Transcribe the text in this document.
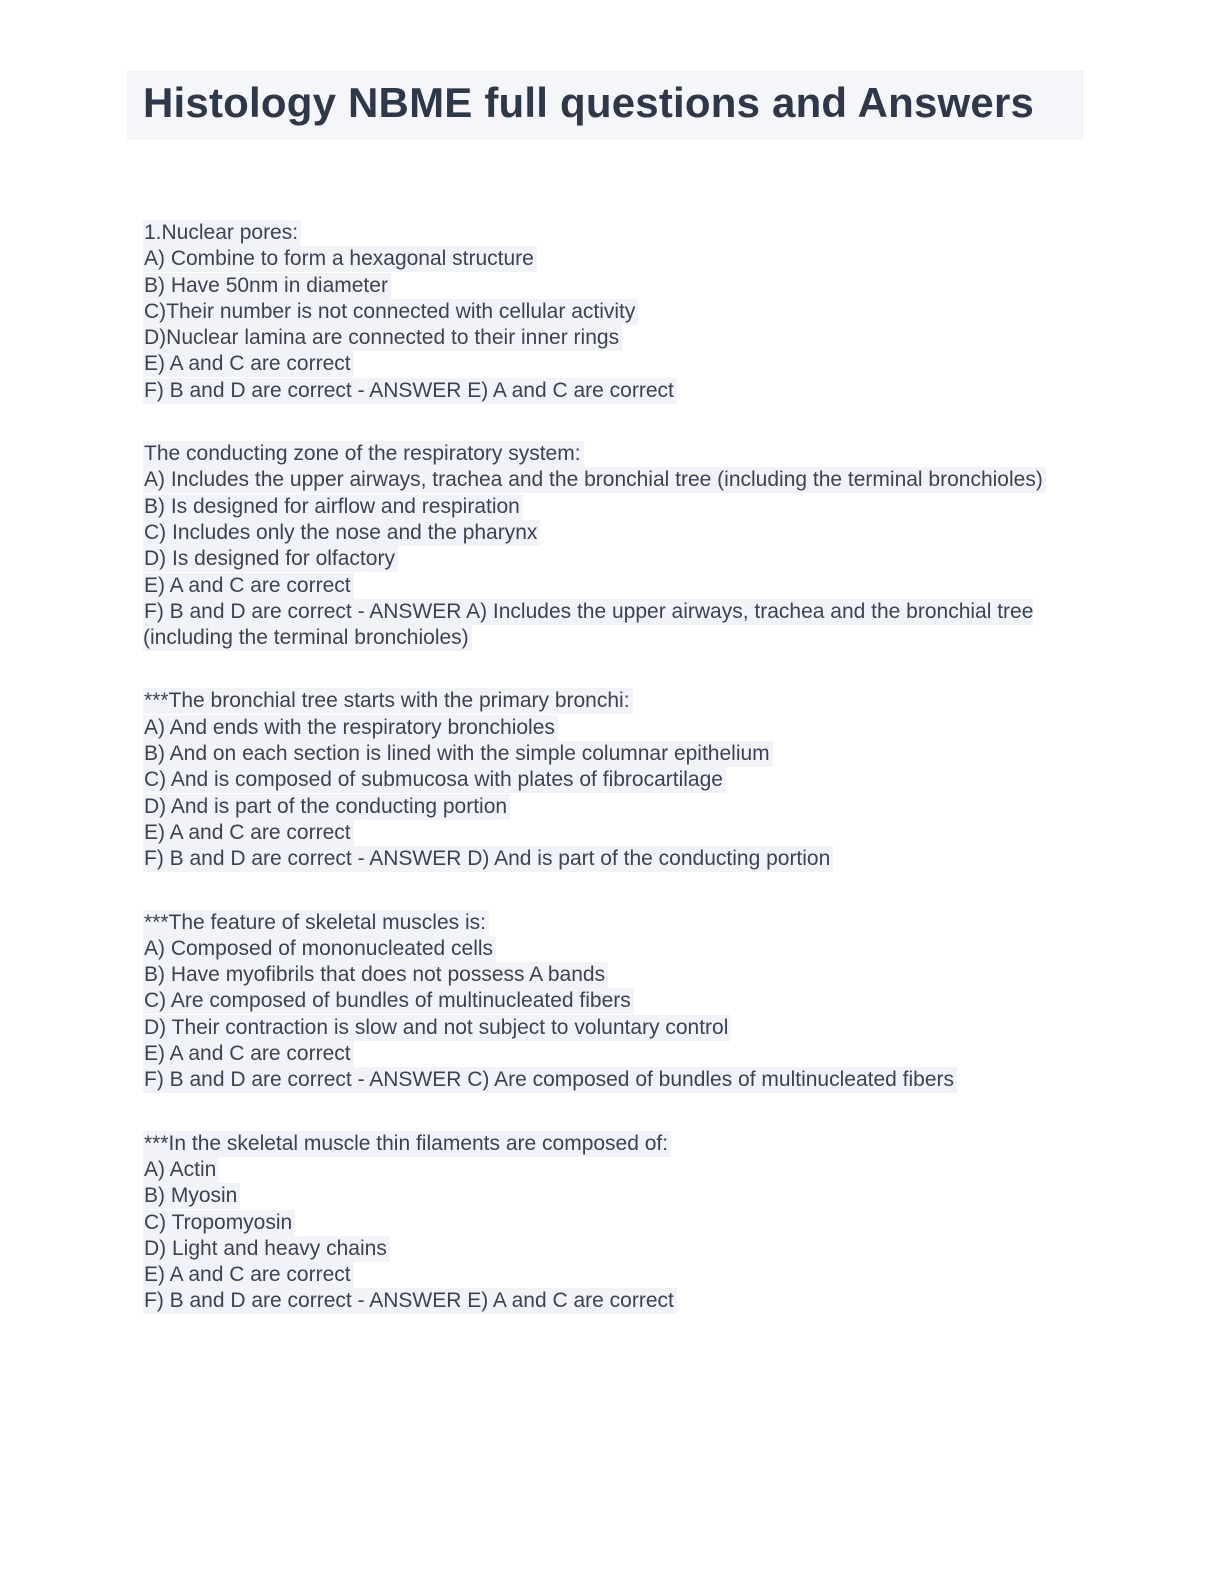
Histology NBME full questions and Answers

1.Nuclear pores:
A) Combine to form a hexagonal structure
B) Have 50nm in diameter
C)Their number is not connected with cellular activity
D)Nuclear lamina are connected to their inner rings
E) A and C are correct
F) B and D are correct - ANSWER E) A and C are correct

The conducting zone of the respiratory system:
A) Includes the upper airways, trachea and the bronchial tree (including the terminal bronchioles)
B) Is designed for airflow and respiration
C) Includes only the nose and the pharynx
D) Is designed for olfactory
E) A and C are correct
F) B and D are correct - ANSWER A) Includes the upper airways, trachea and the bronchial tree (including the terminal bronchioles)

***The bronchial tree starts with the primary bronchi:
A) And ends with the respiratory bronchioles
B) And on each section is lined with the simple columnar epithelium
C) And is composed of submucosa with plates of fibrocartilage
D) And is part of the conducting portion
E) A and C are correct
F) B and D are correct - ANSWER D) And is part of the conducting portion

***The feature of skeletal muscles is:
A) Composed of mononucleated cells
B) Have myofibrils that does not possess A bands
C) Are composed of bundles of multinucleated fibers
D) Their contraction is slow and not subject to voluntary control
E) A and C are correct
F) B and D are correct - ANSWER C) Are composed of bundles of multinucleated fibers

***In the skeletal muscle thin filaments are composed of:
A) Actin
B) Myosin
C) Tropomyosin
D) Light and heavy chains
E) A and C are correct
F) B and D are correct - ANSWER E) A and C are correct
